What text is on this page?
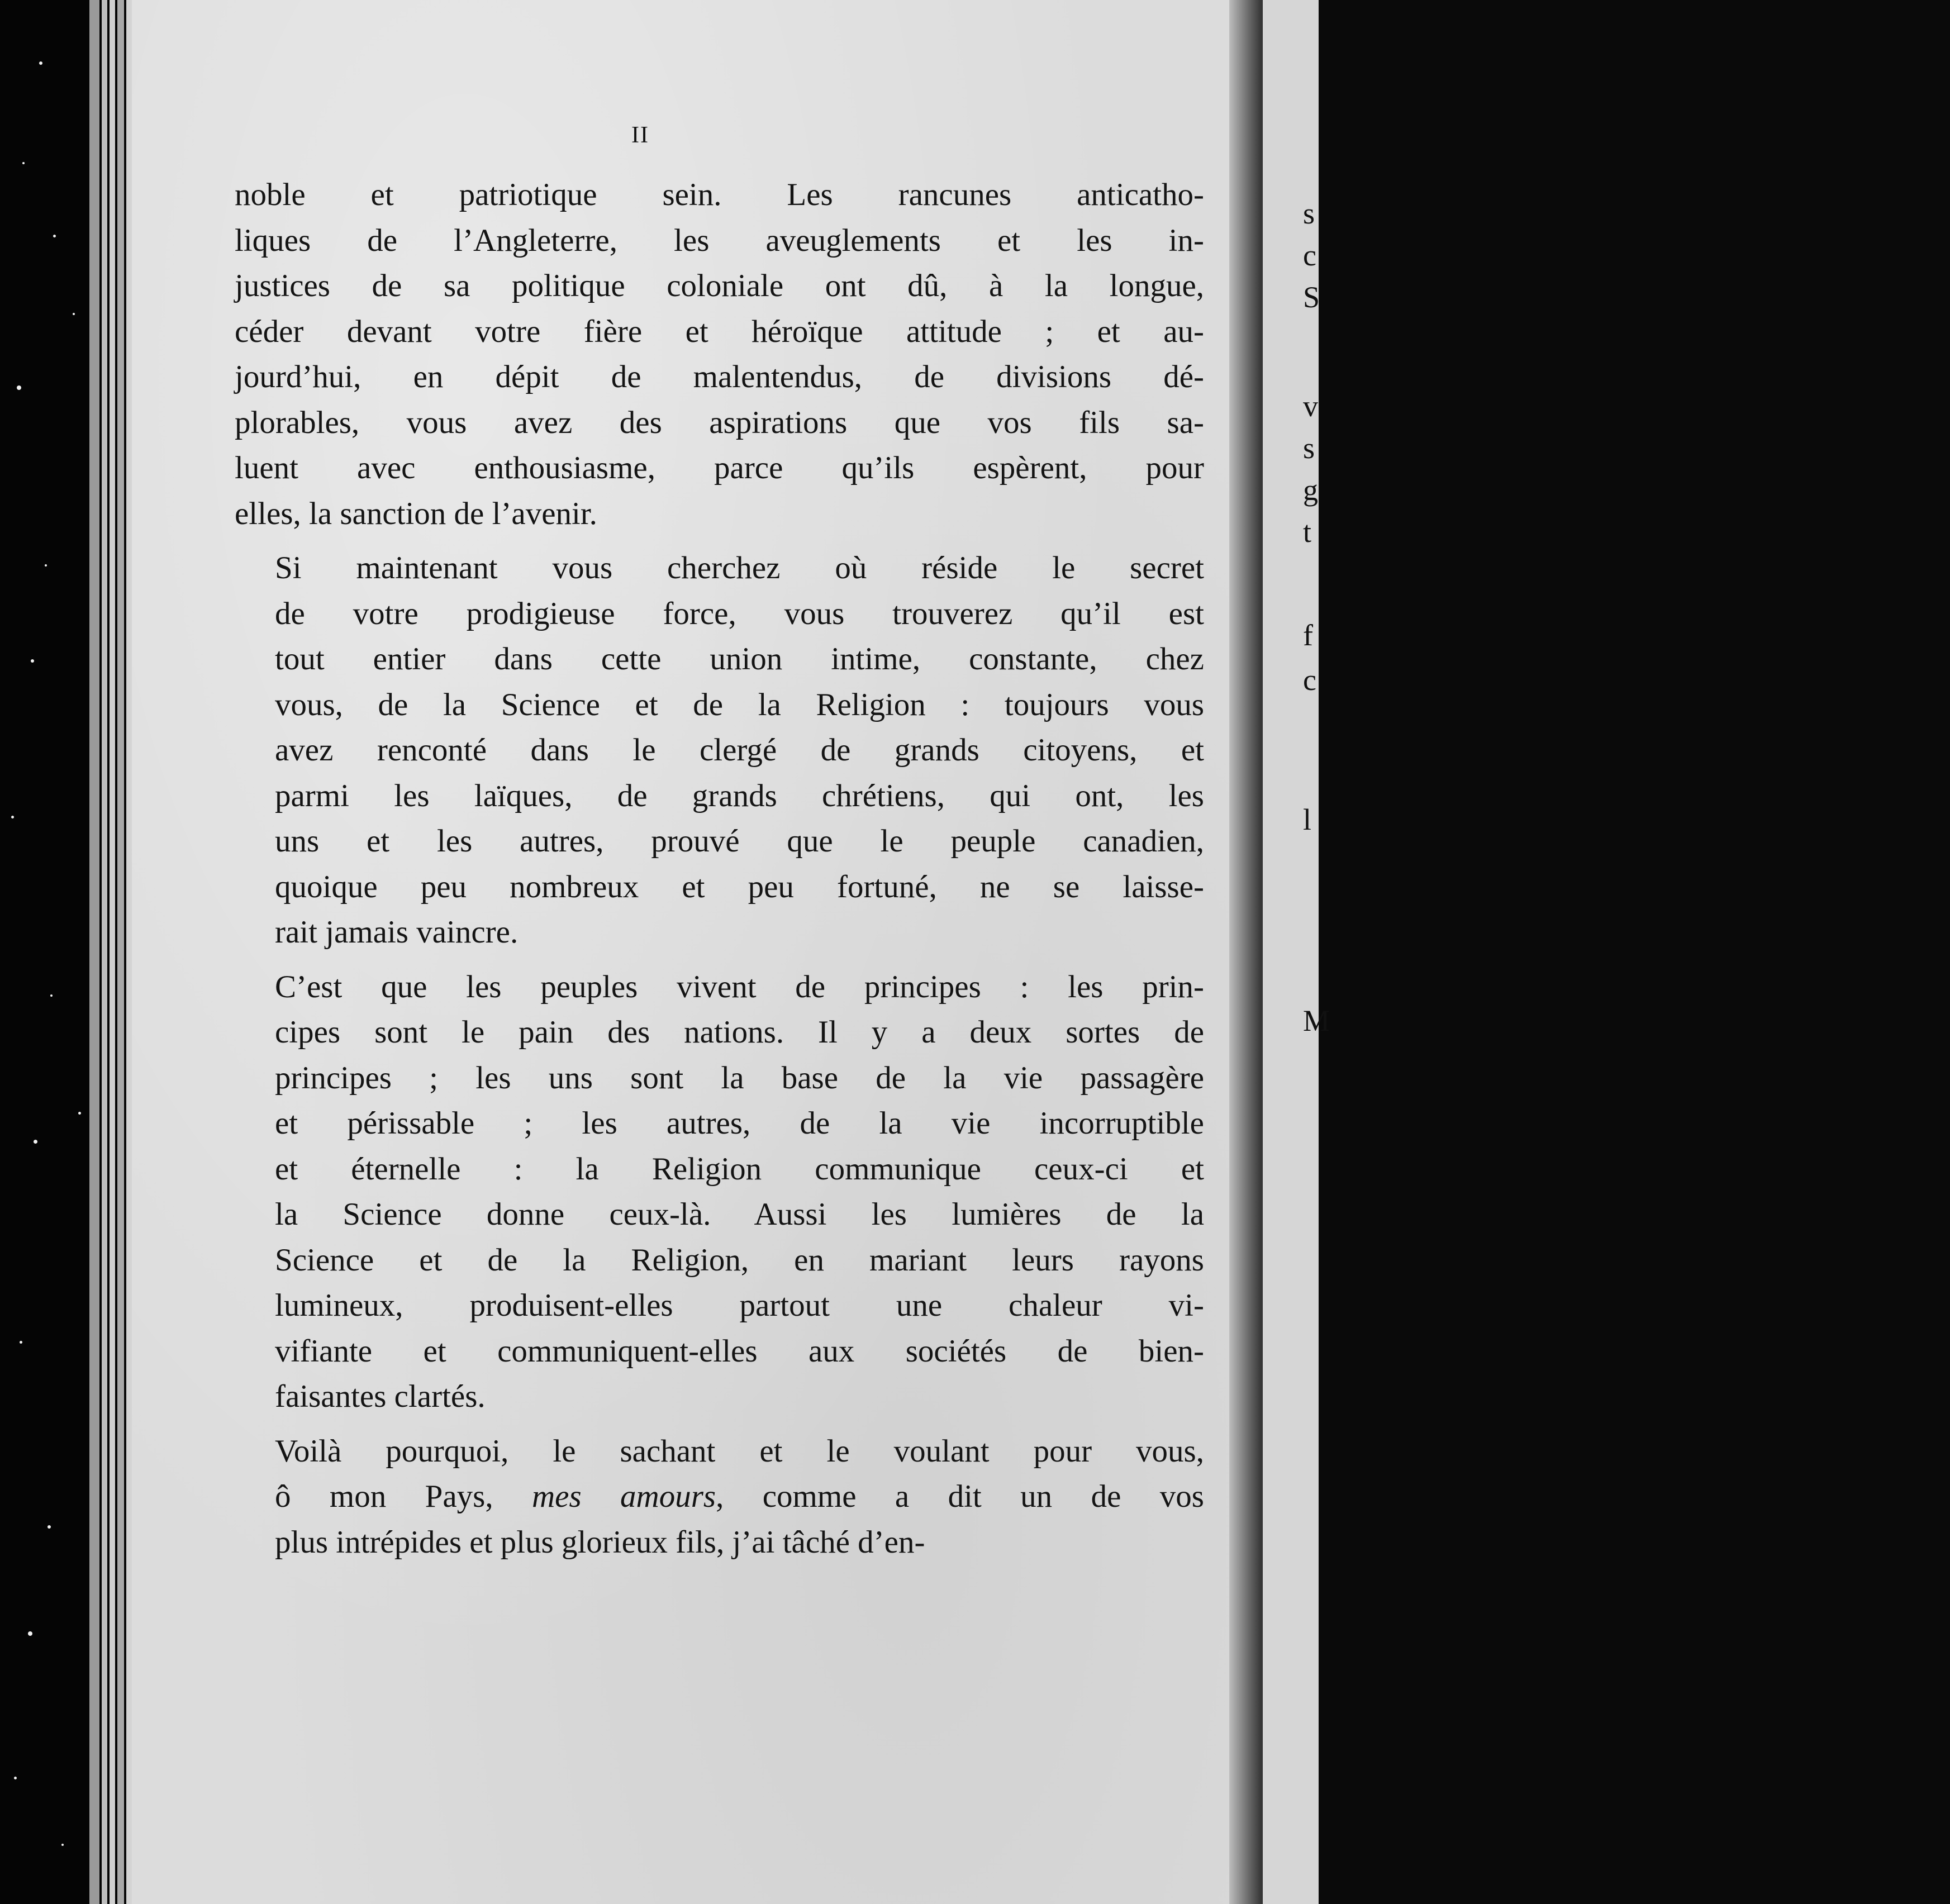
s
c
S
v
s
g
t
f
c
l
M
II

noble et patriotique sein. Les rancunes anticatho-
liques de l’Angleterre, les aveuglements et les in-
justices de sa politique coloniale ont dû, à la longue,
céder devant votre fière et héroïque attitude ; et au-
jourd’hui, en dépit de malentendus, de divisions dé-
plorables, vous avez des aspirations que vos fils sa-
luent avec enthousiasme, parce qu’ils espèrent, pour
elles, la sanction de l’avenir.

Si maintenant vous cherchez où réside le secret
de votre prodigieuse force, vous trouverez qu’il est
tout entier dans cette union intime, constante, chez
vous, de la Science et de la Religion : toujours vous
avez renconté dans le clergé de grands citoyens, et
parmi les laïques, de grands chrétiens, qui ont, les
uns et les autres, prouvé que le peuple canadien,
quoique peu nombreux et peu fortuné, ne se laisse-
rait jamais vaincre.

C’est que les peuples vivent de principes : les prin-
cipes sont le pain des nations. Il y a deux sortes de
principes ; les uns sont la base de la vie passagère
et périssable ; les autres, de la vie incorruptible
et éternelle : la Religion communique ceux-ci et
la Science donne ceux-là. Aussi les lumières de la
Science et de la Religion, en mariant leurs rayons
lumineux, produisent-elles partout une chaleur vi-
vifiante et communiquent-elles aux sociétés de bien-
faisantes clartés.

Voilà pourquoi, le sachant et le voulant pour vous,
ô mon Pays, mes amours, comme a dit un de vos
plus intrépides et plus glorieux fils, j’ai tâché d’en-
